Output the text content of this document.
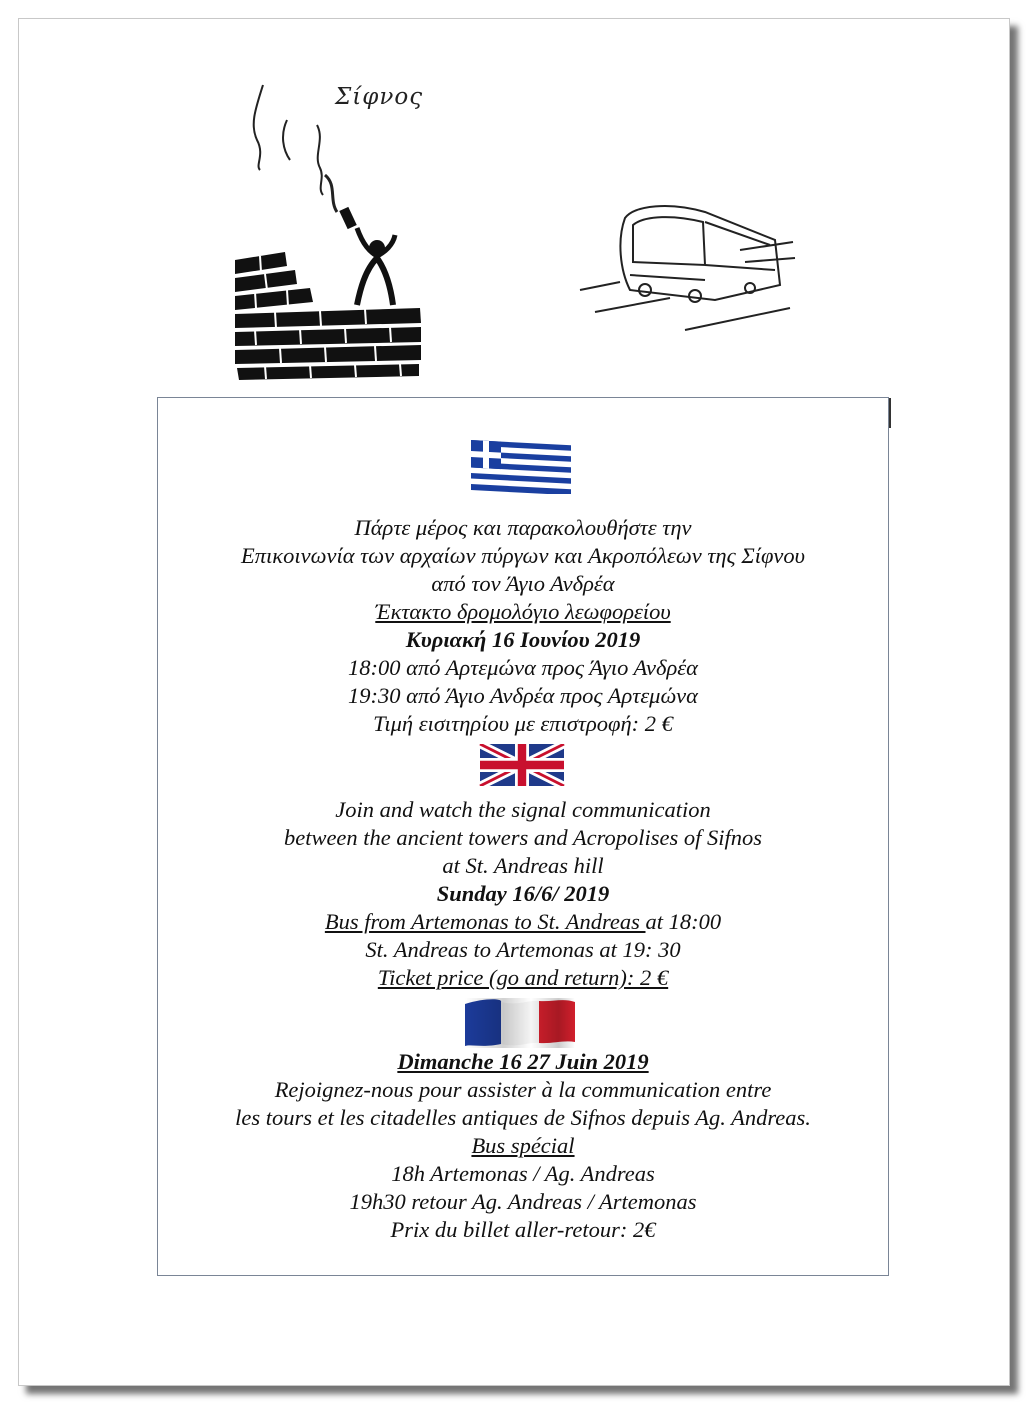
Σίφνος
Πάρτε μέρος και παρακολουθήστε την
Επικοινωνία των αρχαίων πύργων και Ακροπόλεων της Σίφνου
από τον Άγιο Ανδρέα
Έκτακτο δρομολόγιο λεωφορείου
Κυριακή 16 Ιουνίου 2019
18:00 από Αρτεμώνα προς Άγιο Ανδρέα
19:30 από Άγιο Ανδρέα προς Αρτεμώνα
Τιμή εισιτηρίου με επιστροφή: 2 €
Join and watch the signal communication
between the ancient towers and Acropolises of Sifnos
at St. Andreas hill
Sunday 16/6/ 2019
Bus from Artemonas to St. Andreas at 18:00
St. Andreas to Artemonas at 19: 30
Ticket price (go and return): 2 €
Dimanche 16 27 Juin 2019
Rejoignez-nous pour assister à la communication entre
les tours et les citadelles antiques de Sifnos depuis Ag. Andreas.
Bus spécial
18h Artemonas / Ag. Andreas
19h30 retour Ag. Andreas / Artemonas
Prix du billet aller-retour: 2€
